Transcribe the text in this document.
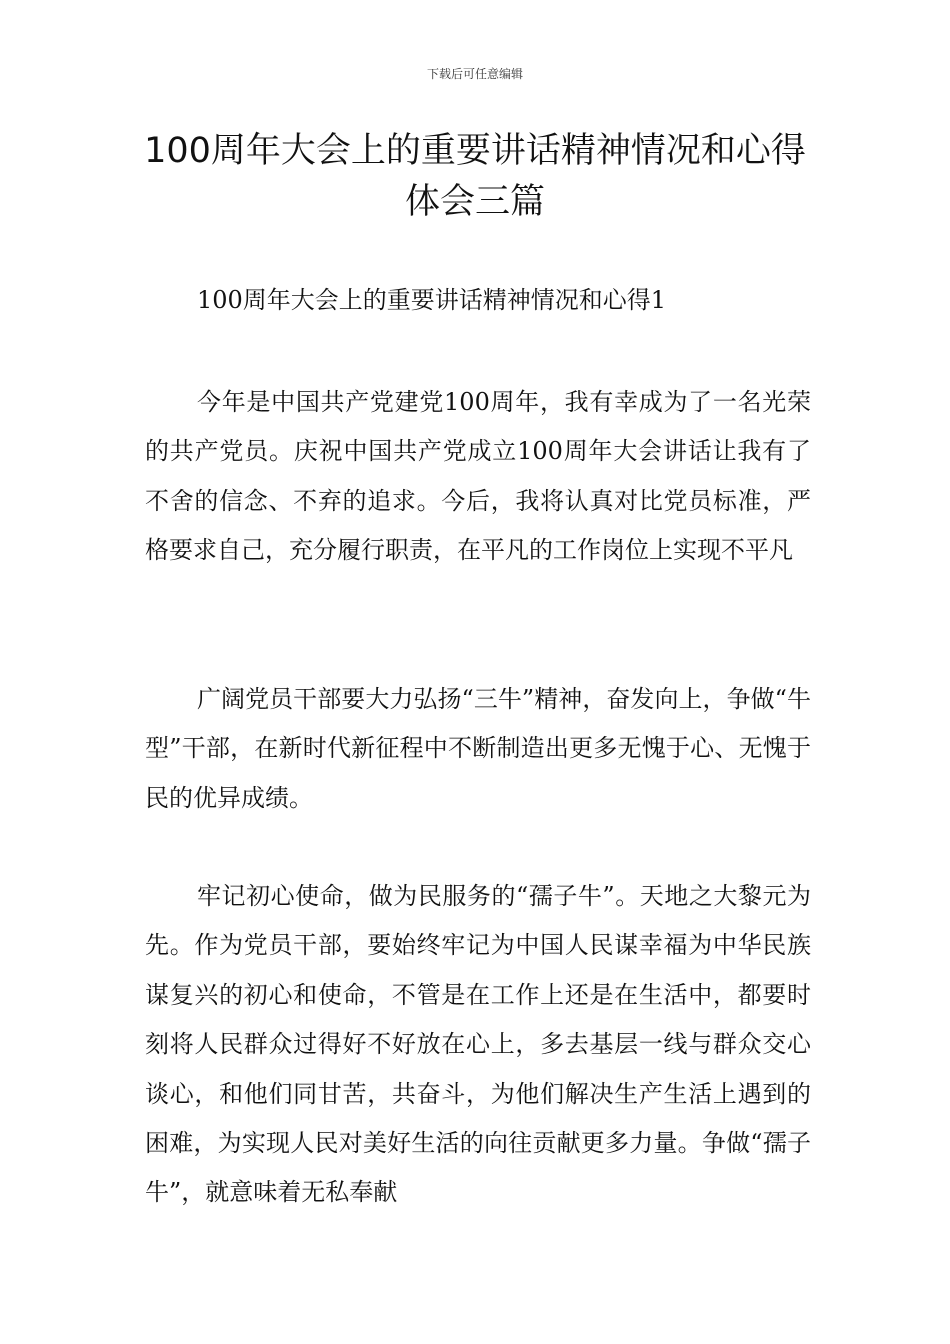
下载后可任意编辑
100周年大会上的重要讲话精神情况和心得体会三篇
100周年大会上的重要讲话精神情况和心得1

今年是中国共产党建党100周年，我有幸成为了一名光荣的共产党员。庆祝中国共产党成立100周年大会讲话让我有了不舍的信念、不弃的追求。今后，我将认真对比党员标准，严格要求自己，充分履行职责，在平凡的工作岗位上实现不平凡

广阔党员干部要大力弘扬“三牛”精神，奋发向上，争做“牛型”干部，在新时代新征程中不断制造出更多无愧于心、无愧于民的优异成绩。

牢记初心使命，做为民服务的“孺子牛”。天地之大黎元为先。作为党员干部，要始终牢记为中国人民谋幸福为中华民族谋复兴的初心和使命，不管是在工作上还是在生活中，都要时刻将人民群众过得好不好放在心上，多去基层一线与群众交心谈心，和他们同甘苦，共奋斗，为他们解决生产生活上遇到的困难，为实现人民对美好生活的向往贡献更多力量。争做“孺子牛”，就意味着无私奉献
